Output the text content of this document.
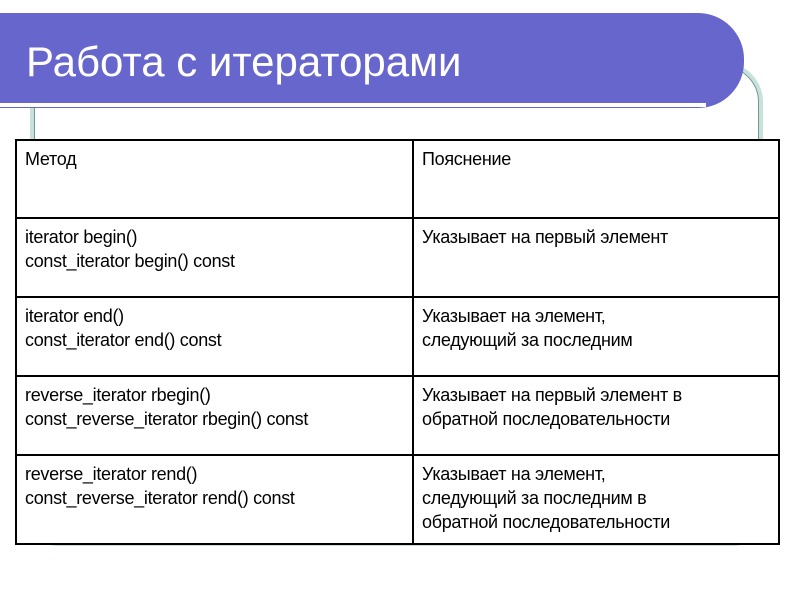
Работа с итераторами
Метод	Пояснение

iterator begin()
const_iterator begin() const	Указывает на первый элемент

iterator end()
const_iterator end() const	Указывает на элемент,
следующий за последним

reverse_iterator rbegin()
const_reverse_iterator rbegin() const	Указывает на первый элемент в
обратной последовательности

reverse_iterator rend()
const_reverse_iterator rend() const	Указывает на элемент,
следующий за последним в
обратной последовательности
